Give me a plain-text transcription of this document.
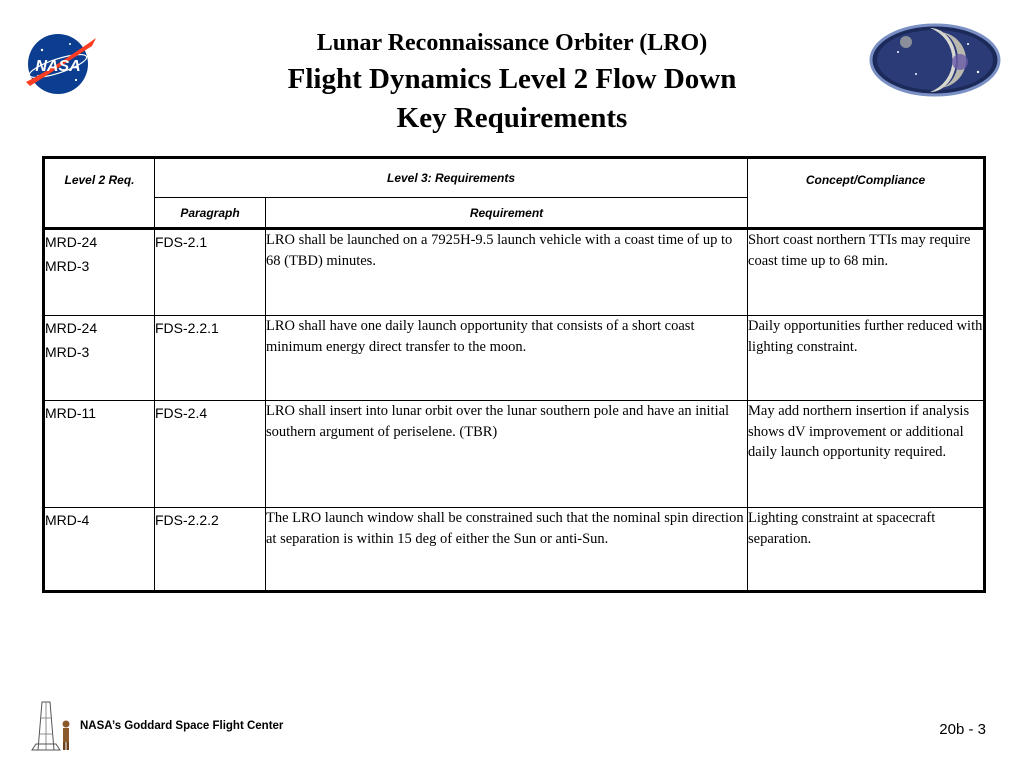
NASA
Lunar Reconnaissance Orbiter (LRO)
Flight Dynamics Level 2 Flow Down
Key Requirements
Level 2 Req.	Level 3: Requirements		Concept/Compliance
	Paragraph	Requirement	

MRD-24
MRD-3	FDS-2.1	LRO shall be launched on a 7925H-9.5 launch vehicle with a coast time of up to 68 (TBD) minutes.	Short coast northern TTIs may require coast time up to 68 min.

MRD-24
MRD-3	FDS-2.2.1	LRO shall have one daily launch opportunity that consists of a short coast minimum energy direct transfer to the moon.	Daily opportunities further reduced with lighting constraint.

MRD-11	FDS-2.4	LRO shall insert into lunar orbit over the lunar southern pole and have an initial southern argument of periselene. (TBR)	May add northern insertion if analysis shows dV improvement or additional daily launch opportunity required.

MRD-4	FDS-2.2.2	The LRO launch window shall be constrained such that the nominal spin direction at separation is within 15 deg of either the Sun or anti-Sun.	Lighting constraint at spacecraft separation.
NASA’s Goddard Space Flight Center	20b - 3
